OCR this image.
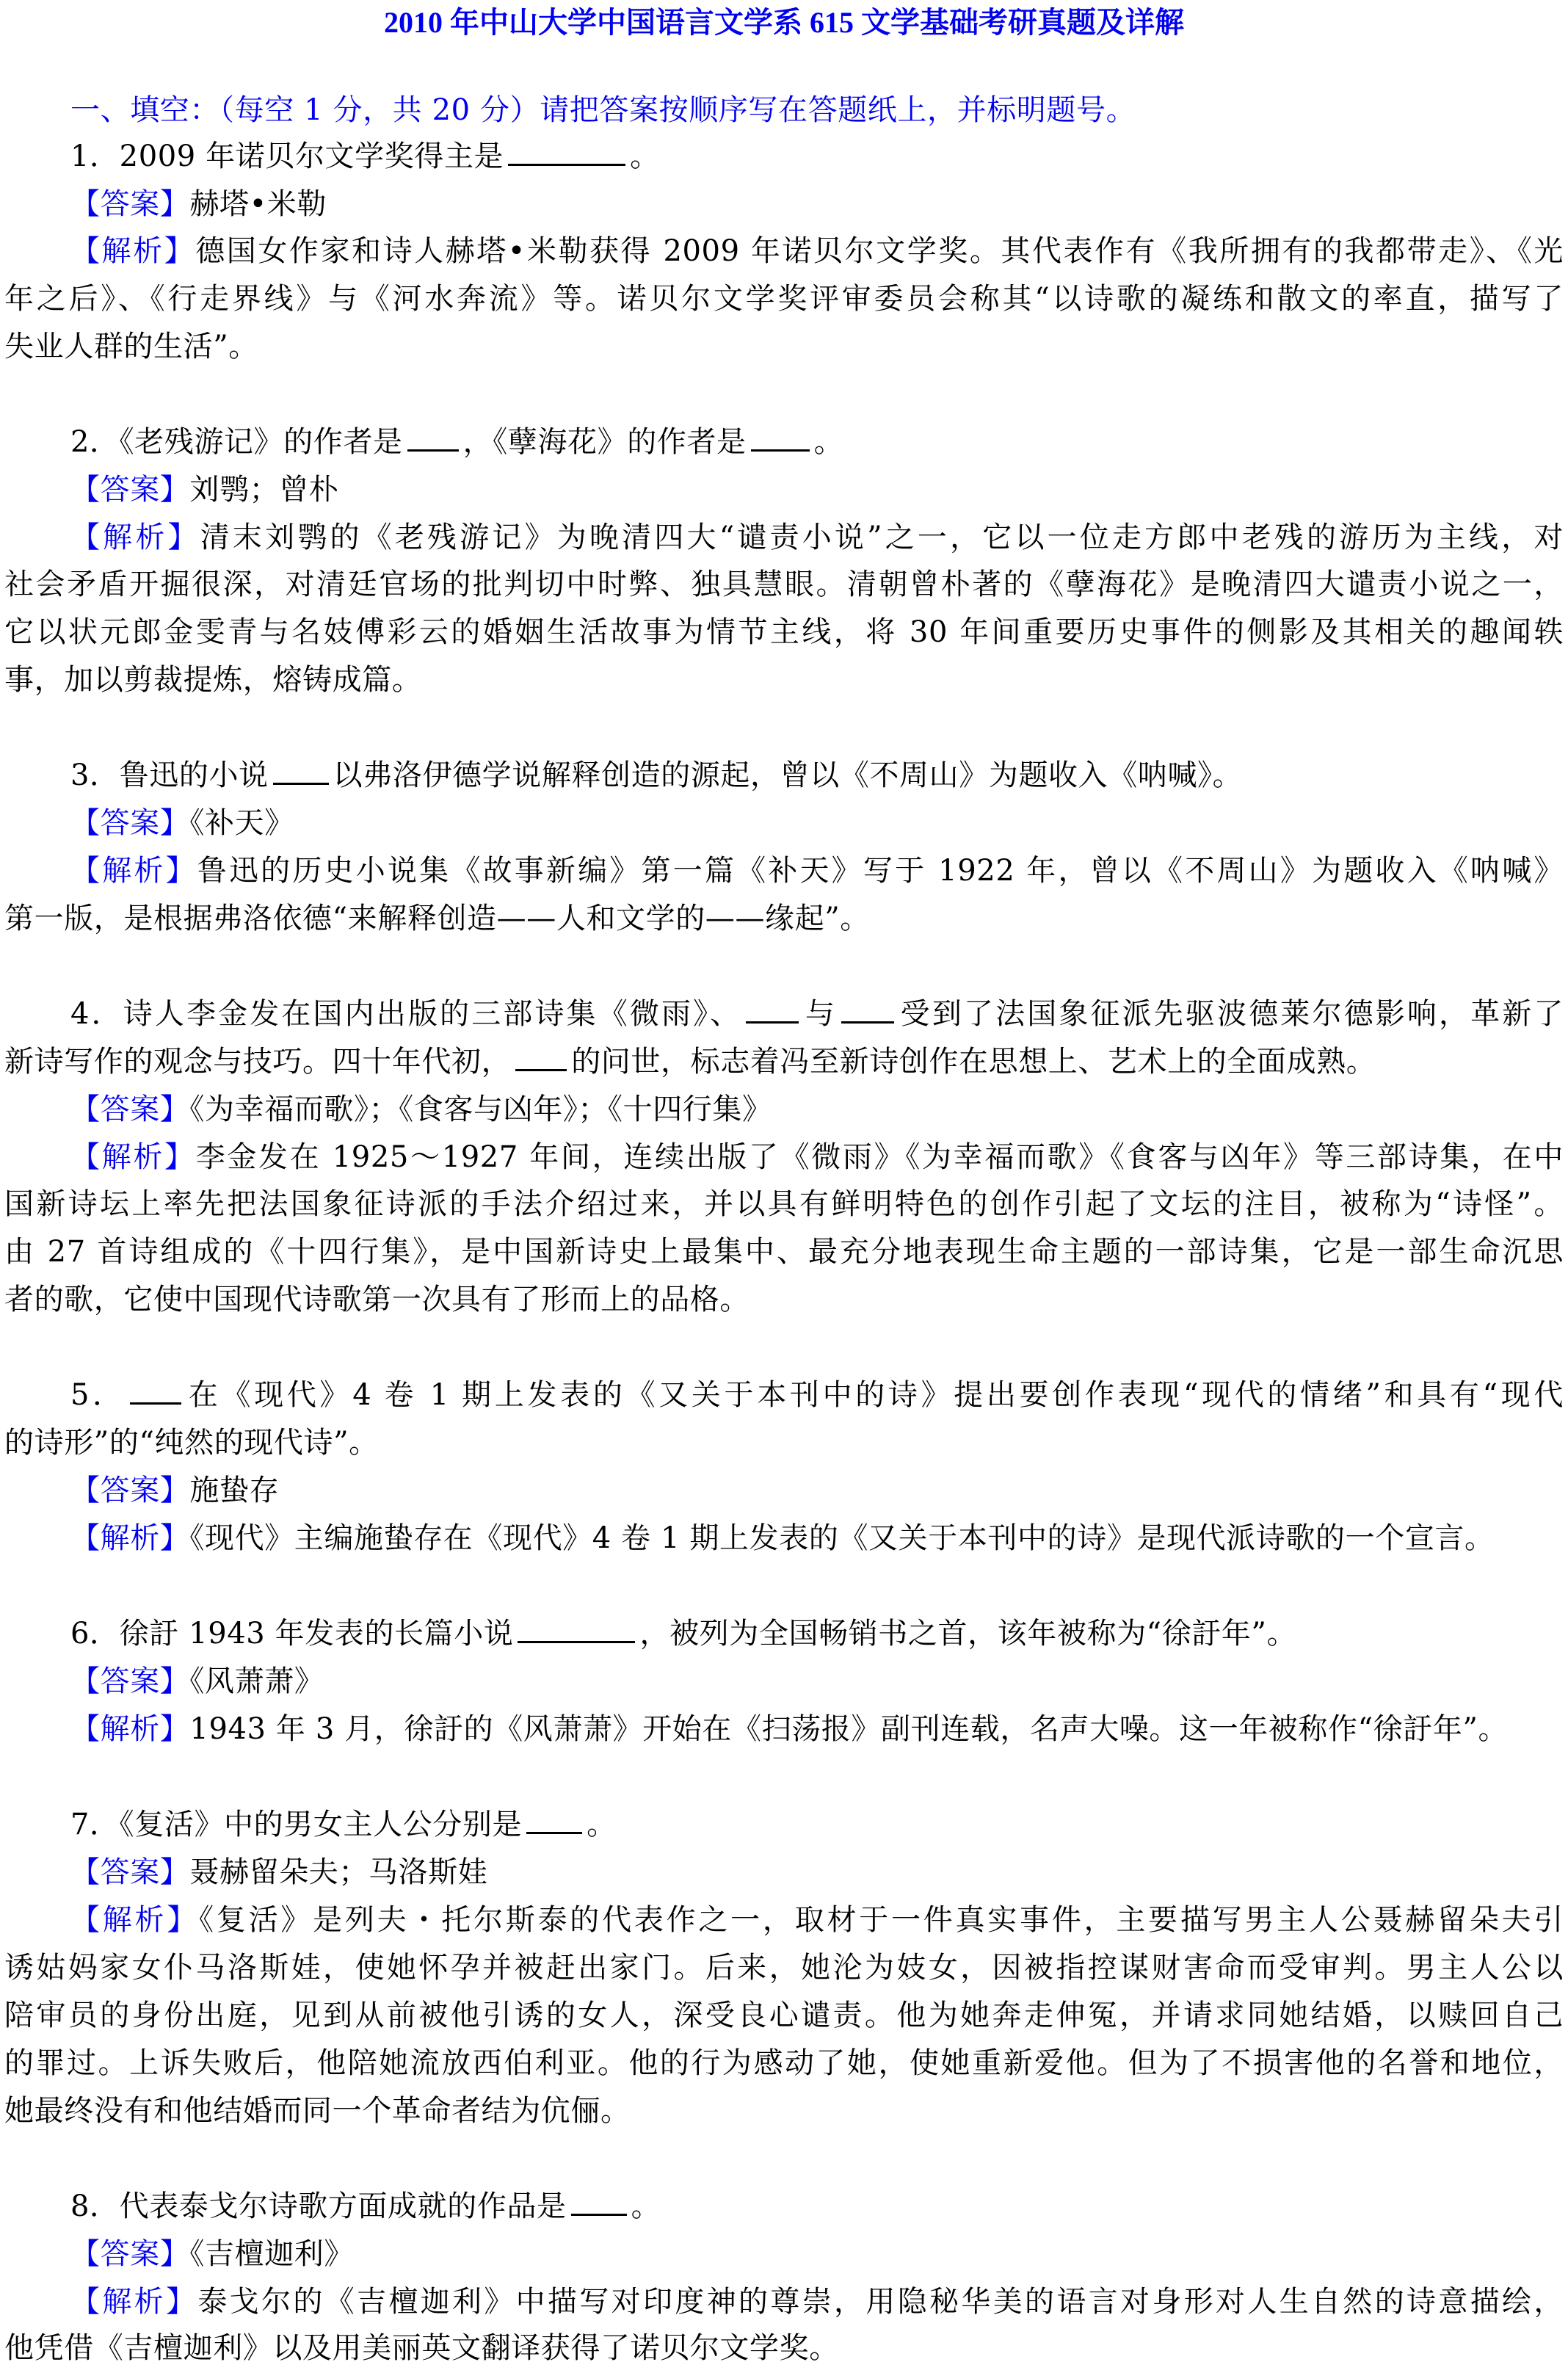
2010 年中山大学中国语言文学系 615 文学基础考研真题及详解
一、填空：（每空 1 分，共 20 分）请把答案按顺序写在答题纸上，并标明题号。
1．2009 年诺贝尔文学奖得主是	。
【答案】赫塔•米勒
【解析】德国女作家和诗人赫塔•米勒获得 2009 年诺贝尔文学奖。其代表作有《我所拥有的我都带走》、《光
年之后》、《行走界线》与《河水奔流》等。诺贝尔文学奖评审委员会称其“以诗歌的凝练和散文的率直，描写了
失业人群的生活”。
2．《老残游记》的作者是 ，《孽海花》的作者是 。
【答案】刘鹗；曾朴
【解析】清末刘鹗的《老残游记》为晚清四大“谴责小说”之一，它以一位走方郎中老残的游历为主线，对
社会矛盾开掘很深，对清廷官场的批判切中时弊、独具慧眼。清朝曾朴著的《孽海花》是晚清四大谴责小说之一，
它以状元郎金雯青与名妓傅彩云的婚姻生活故事为情节主线，将 30 年间重要历史事件的侧影及其相关的趣闻轶
事，加以剪裁提炼，熔铸成篇。
3．鲁迅的小说 以弗洛伊德学说解释创造的源起，曾以《不周山》为题收入《呐喊》。
【答案】《补天》
【解析】鲁迅的历史小说集《故事新编》第一篇《补天》写于 1922 年，曾以《不周山》为题收入《呐喊》
第一版，是根据弗洛依德“来解释创造——人和文学的——缘起”。
4．诗人李金发在国内出版的三部诗集《微雨》、 与 受到了法国象征派先驱波德莱尔德影响，革新了
新诗写作的观念与技巧。四十年代初， 的问世，标志着冯至新诗创作在思想上、艺术上的全面成熟。
【答案】《为幸福而歌》；《食客与凶年》；《十四行集》
【解析】李金发在 1925～1927 年间，连续出版了《微雨》《为幸福而歌》《食客与凶年》等三部诗集，在中
国新诗坛上率先把法国象征诗派的手法介绍过来，并以具有鲜明特色的创作引起了文坛的注目，被称为“诗怪”。
由 27 首诗组成的《十四行集》，是中国新诗史上最集中、最充分地表现生命主题的一部诗集，它是一部生命沉思
者的歌，它使中国现代诗歌第一次具有了形而上的品格。
5． 在《现代》4 卷 1 期上发表的《又关于本刊中的诗》提出要创作表现“现代的情绪”和具有“现代
的诗形”的“纯然的现代诗”。
【答案】施蛰存
【解析】《现代》主编施蛰存在《现代》4 卷 1 期上发表的《又关于本刊中的诗》是现代派诗歌的一个宣言。
6．徐訏 1943 年发表的长篇小说	，被列为全国畅销书之首，该年被称为“徐訏年”。
【答案】《风萧萧》
【解析】1943 年 3 月，徐訏的《风萧萧》开始在《扫荡报》副刊连载，名声大噪。这一年被称作“徐訏年”。
7．《复活》中的男女主人公分别是 。
【答案】聂赫留朵夫；马洛斯娃
【解析】《复活》是列夫・托尔斯泰的代表作之一，取材于一件真实事件，主要描写男主人公聂赫留朵夫引
诱姑妈家女仆马洛斯娃，使她怀孕并被赶出家门。后来，她沦为妓女，因被指控谋财害命而受审判。男主人公以
陪审员的身份出庭，见到从前被他引诱的女人，深受良心谴责。他为她奔走伸冤，并请求同她结婚，以赎回自己
的罪过。上诉失败后，他陪她流放西伯利亚。他的行为感动了她，使她重新爱他。但为了不损害他的名誉和地位，
她最终没有和他结婚而同一个革命者结为伉俪。
8．代表泰戈尔诗歌方面成就的作品是 。
【答案】《吉檀迦利》
【解析】泰戈尔的《吉檀迦利》中描写对印度神的尊崇，用隐秘华美的语言对身形对人生自然的诗意描绘，
他凭借《吉檀迦利》以及用美丽英文翻译获得了诺贝尔文学奖。
